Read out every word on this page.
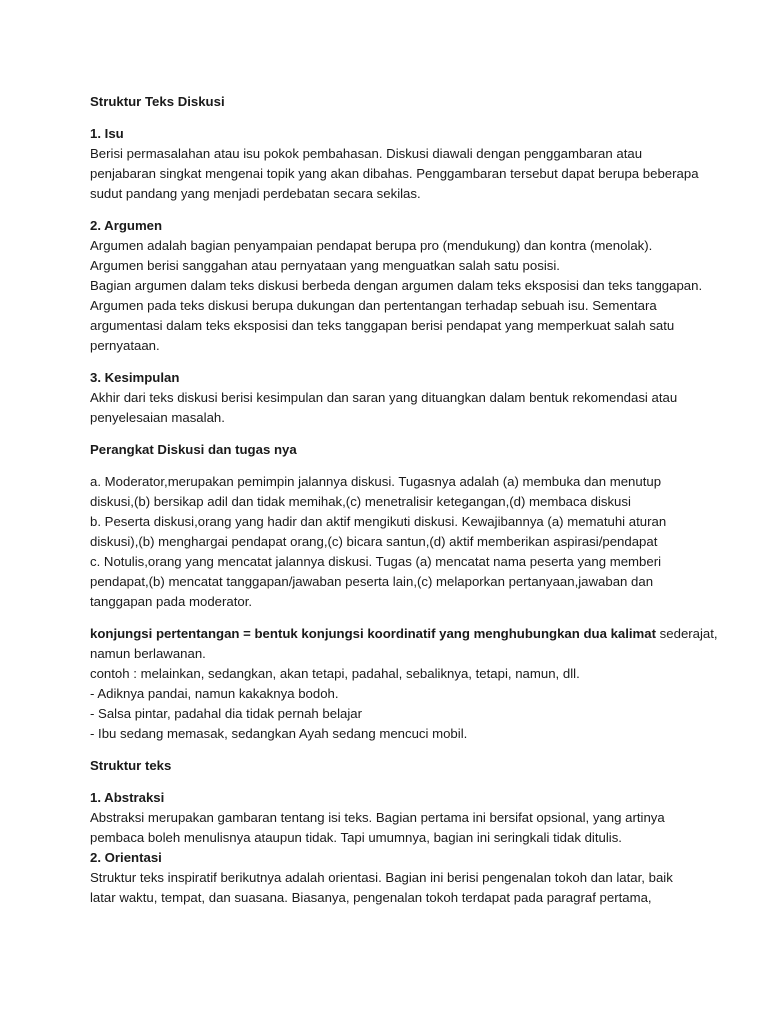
Struktur Teks Diskusi
1. Isu
Berisi permasalahan atau isu pokok pembahasan. Diskusi diawali dengan penggambaran atau
penjabaran singkat mengenai topik yang akan dibahas. Penggambaran tersebut dapat berupa beberapa
sudut pandang yang menjadi perdebatan secara sekilas.
2. Argumen
Argumen adalah bagian penyampaian pendapat berupa pro (mendukung) dan kontra (menolak).
Argumen berisi sanggahan atau pernyataan yang menguatkan salah satu posisi.
Bagian argumen dalam teks diskusi berbeda dengan argumen dalam teks eksposisi dan teks tanggapan.
Argumen pada teks diskusi berupa dukungan dan pertentangan terhadap sebuah isu. Sementara
argumentasi dalam teks eksposisi dan teks tanggapan berisi pendapat yang memperkuat salah satu
pernyataan.
3. Kesimpulan
Akhir dari teks diskusi berisi kesimpulan dan saran yang dituangkan dalam bentuk rekomendasi atau
penyelesaian masalah.
Perangkat Diskusi dan tugas nya
a. Moderator,merupakan pemimpin jalannya diskusi. Tugasnya adalah (a) membuka dan menutup
diskusi,(b) bersikap adil dan tidak memihak,(c) menetralisir ketegangan,(d) membaca diskusi
b. Peserta diskusi,orang yang hadir dan aktif mengikuti diskusi. Kewajibannya (a) mematuhi aturan
diskusi),(b) menghargai pendapat orang,(c) bicara santun,(d) aktif memberikan aspirasi/pendapat
c. Notulis,orang yang mencatat jalannya diskusi. Tugas (a) mencatat nama peserta yang memberi
pendapat,(b) mencatat tanggapan/jawaban peserta lain,(c) melaporkan pertanyaan,jawaban dan
tanggapan pada moderator.
konjungsi pertentangan = bentuk konjungsi koordinatif yang menghubungkan dua kalimat sederajat,
namun berlawanan.
contoh : melainkan, sedangkan, akan tetapi, padahal, sebaliknya, tetapi, namun, dll.
- Adiknya pandai, namun kakaknya bodoh.
- Salsa pintar, padahal dia tidak pernah belajar
- Ibu sedang memasak, sedangkan Ayah sedang mencuci mobil.
Struktur teks
1. Abstraksi
Abstraksi merupakan gambaran tentang isi teks. Bagian pertama ini bersifat opsional, yang artinya
pembaca boleh menulisnya ataupun tidak. Tapi umumnya, bagian ini seringkali tidak ditulis.
2. Orientasi
Struktur teks inspiratif berikutnya adalah orientasi. Bagian ini berisi pengenalan tokoh dan latar, baik
latar waktu, tempat, dan suasana. Biasanya, pengenalan tokoh terdapat pada paragraf pertama,
